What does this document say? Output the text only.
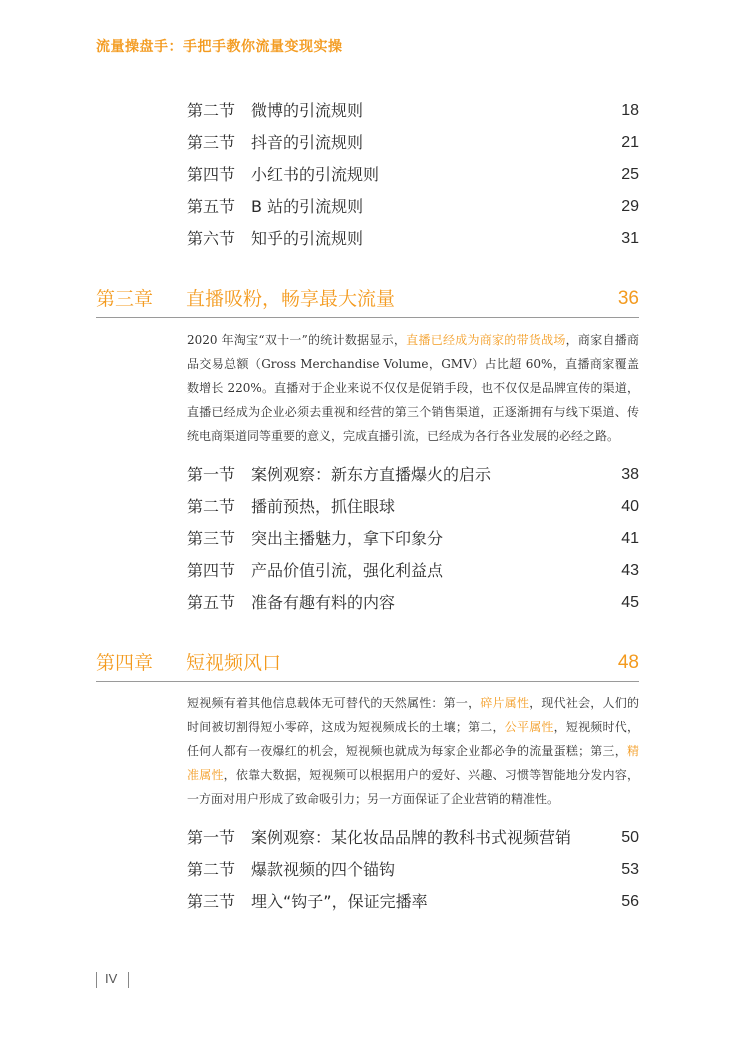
流量操盘手：手把手教你流量变现实操
第二节 微博的引流规则	18
第三节 抖音的引流规则	21
第四节 小红书的引流规则	25
第五节 B 站的引流规则	29
第六节 知乎的引流规则	31
第三章 直播吸粉，畅享最大流量	36

2020 年淘宝“双十一”的统计数据显示，直播已经成为商家的带货战场，商家自播商品交易总额（Gross Merchandise Volume，GMV）占比超 60%，直播商家覆盖数增长 220%。直播对于企业来说不仅仅是促销手段，也不仅仅是品牌宣传的渠道，直播已经成为企业必须去重视和经营的第三个销售渠道，正逐渐拥有与线下渠道、传统电商渠道同等重要的意义，完成直播引流，已经成为各行各业发展的必经之路。

第一节 案例观察：新东方直播爆火的启示	38
第二节 播前预热，抓住眼球	40
第三节 突出主播魅力，拿下印象分	41
第四节 产品价值引流，强化利益点	43
第五节 准备有趣有料的内容	45
第四章 短视频风口	48

短视频有着其他信息载体无可替代的天然属性：第一，碎片属性，现代社会，人们的时间被切割得短小零碎，这成为短视频成长的土壤；第二，公平属性，短视频时代，任何人都有一夜爆红的机会，短视频也就成为每家企业都必争的流量蛋糕；第三，精准属性，依靠大数据，短视频可以根据用户的爱好、兴趣、习惯等智能地分发内容，一方面对用户形成了致命吸引力；另一方面保证了企业营销的精准性。

第一节 案例观察：某化妆品品牌的教科书式视频营销	50
第二节 爆款视频的四个锚钩	53
第三节 埋入“钩子”，保证完播率	56
IV
